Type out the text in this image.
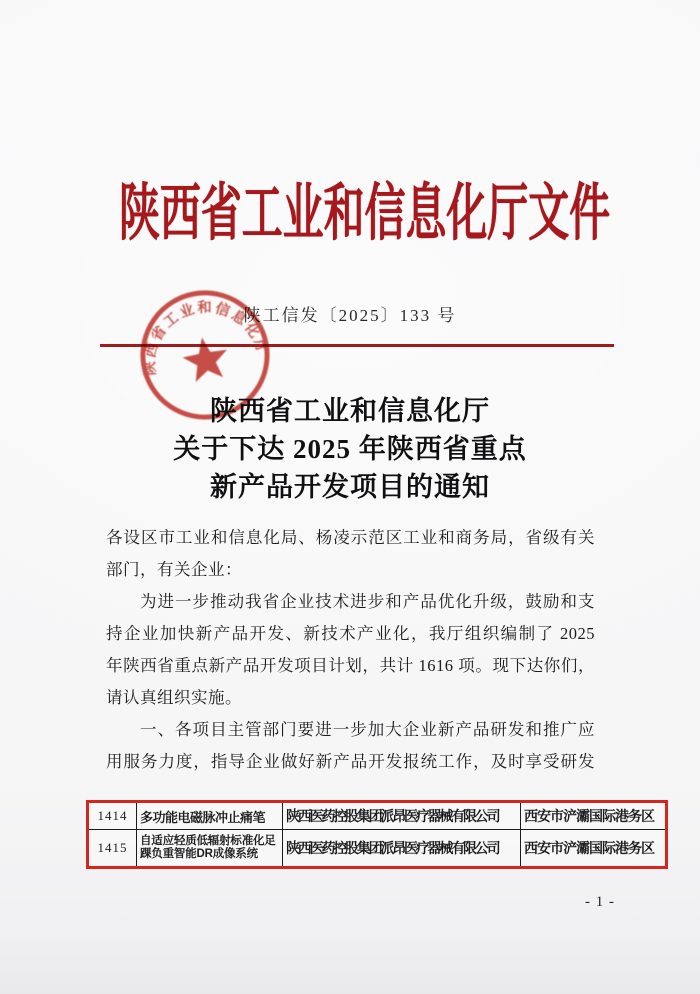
陕西省工业和信息化厅文件
陕工信发〔2025〕133 号
陕西省工业和信息化厅
陕西省工业和信息化厅
关于下达 2025 年陕西省重点
新产品开发项目的通知
各设区市工业和信息化局、杨凌示范区工业和商务局，省级有关
部门，有关企业：
为进一步推动我省企业技术进步和产品优化升级，鼓励和支
持企业加快新产品开发、新技术产业化，我厅组织编制了 2025
年陕西省重点新产品开发项目计划，共计 1616 项。现下达你们，
请认真组织实施。
一、各项目主管部门要进一步加大企业新产品研发和推广应
用服务力度，指导企业做好新产品开发报统工作，及时享受研发
1414	多功能电磁脉冲止痛笔	陕西医药控股集团派昂医疗器械有限公司	西安市浐灞国际港务区
1415	自适应轻质低辐射标准化足踝负重智能DR成像系统	陕西医药控股集团派昂医疗器械有限公司	西安市浐灞国际港务区
- 1 -
